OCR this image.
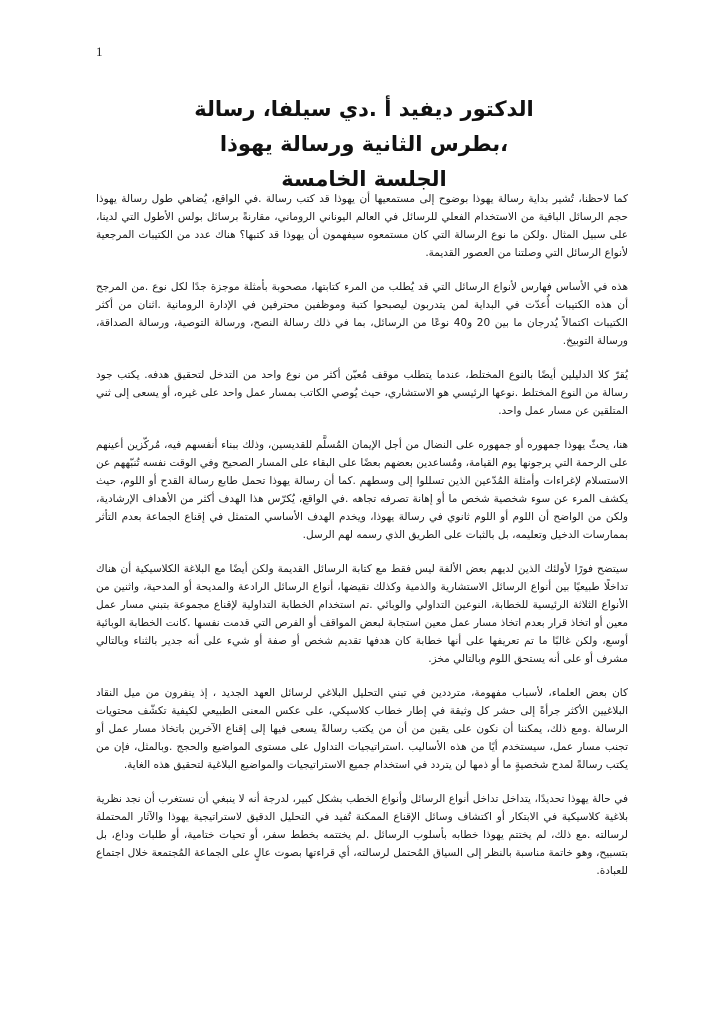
1
الدكتور ديفيد أ .دي سيلفا، رسالة
،بطرس الثانية ورسالة يهوذا
الجلسة الخامسة

كما لاحظنا، تُشير بداية رسالة يهوذا بوضوح إلى مستمعيها أن يهوذا قد كتب رسالة .في الواقع، يُضاهي طول رسالة يهوذا حجم الرسائل الباقية من الاستخدام الفعلي للرسائل في العالم اليوناني الروماني، مقارنةً برسائل بولس الأطول التي لدينا، على سبيل المثال .ولكن ما نوع الرسالة التي كان مستمعوه سيفهمون أن يهوذا قد كتبها؟ هناك عدد من الكتيبات المرجعية لأنواع الرسائل التي وصلتنا من العصور القديمة.

هذه في الأساس فهارس لأنواع الرسائل التي قد يُطلب من المرء كتابتها، مصحوبة بأمثلة موجزة جدًا لكل نوع .من المرجح أن هذه الكتيبات أُعدّت في البداية لمن يتدربون ليصبحوا كتبة وموظفين محترفين في الإدارة الرومانية .اثنان من أكثر الكتيبات اكتمالاً يُدرجان ما بين 20 و40 نوعًا من الرسائل، بما في ذلك رسالة النصح، ورسالة التوصية، ورسالة الصداقة، ورسالة التوبيخ.

يُقرّ كلا الدليلين أيضًا بالنوع المختلط، عندما يتطلب موقف مُعيّن أكثر من نوع واحد من التدخل لتحقيق هدفه. يكتب جود رسالة من النوع المختلط .نوعها الرئيسي هو الاستشاري، حيث يُوصي الكاتب بمسار عمل واحد على غيره، أو يسعى إلى ثني المتلقين عن مسار عمل واحد.

هنا، يحثّ يهوذا جمهوره أو جمهوره على النضال من أجل الإيمان المُسلَّم للقديسين، وذلك ببناء أنفسهم فيه، مُركّزين أعينهم على الرحمة التي يرجونها يوم القيامة، ومُساعدين بعضهم بعضًا على البقاء على المسار الصحيح وفي الوقت نفسه تُنبّههم عن الاستسلام لإغراءات وأمثلة المُدّعين الذين تسللوا إلى وسطهم .كما أن رسالة يهوذا تحمل طابع رسالة القدح أو اللوم، حيث يكشف المرء عن سوء شخصية شخص ما أو إهانة تصرفه تجاهه .في الواقع، يُكرّس هذا الهدف أكثر من الأهداف الإرشادية، ولكن من الواضح أن اللوم أو اللوم ثانوي في رسالة يهوذا، ويخدم الهدف الأساسي المتمثل في إقناع الجماعة بعدم التأثر بممارسات الدخيل وتعليمه، بل بالثبات على الطريق الذي رسمه لهم الرسل.

سيتضح فورًا لأولئك الذين لديهم بعض الألفة ليس فقط مع كتابة الرسائل القديمة ولكن أيضًا مع البلاغة الكلاسيكية أن هناك تداخلًا طبيعيًا بين أنواع الرسائل الاستشارية والذمية وكذلك نقيضها، أنواع الرسائل الرادعة والمديحة أو المدحية، واثنين من الأنواع الثلاثة الرئيسية للخطابة، النوعين التداولي والوبائي .تم استخدام الخطابة التداولية لإقناع مجموعة بتبني مسار عمل معين أو اتخاذ قرار بعدم اتخاذ مسار عمل معين استجابة لبعض المواقف أو الفرص التي قدمت نفسها .كانت الخطابة الوبائية أوسع، ولكن غالبًا ما تم تعريفها على أنها خطابة كان هدفها تقديم شخص أو صفة أو شيء على أنه جدير بالثناء وبالتالي مشرف أو على أنه يستحق اللوم وبالتالي مخز.

كان بعض العلماء، لأسباب مفهومة، مترددين في تبني التحليل البلاغي لرسائل العهد الجديد ، إذ ينفرون من ميل النقاد البلاغيين الأكثر جرأةً إلى حشر كل وثيقة في إطار خطاب كلاسيكي، على عكس المعنى الطبيعي لكيفية تكشّف محتويات الرسالة .ومع ذلك، يمكننا أن نكون على يقين من أن من يكتب رسالةً يسعى فيها إلى إقناع الآخرين باتخاذ مسار عمل أو تجنب مسار عمل، سيستخدم أيًا من هذه الأساليب .استراتيجيات التداول على مستوى المواضيع والحجج .وبالمثل، فإن من يكتب رسالةً لمدح شخصيةٍ ما أو ذمها لن يتردد في استخدام جميع الاستراتيجيات والمواضيع البلاغية لتحقيق هذه الغاية.

في حالة يهوذا تحديدًا، يتداخل تداخل أنواع الرسائل وأنواع الخطب بشكل كبير، لدرجة أنه لا ينبغي أن نستغرب أن نجد نظرية بلاغية كلاسيكية في الابتكار أو اكتشاف وسائل الإقناع الممكنة تُفيد في التحليل الدقيق لاستراتيجية يهوذا والآثار المحتملة لرسالته .مع ذلك، لم يختتم يهوذا خطابه بأسلوب الرسائل .لم يختتمه بخطط سفر، أو تحيات ختامية، أو طلبات وداع، بل بتسبيح، وهو خاتمة مناسبة بالنظر إلى السياق المُحتمل لرسالته، أي قراءتها بصوت عالٍ على الجماعة المُجتمعة خلال اجتماع للعبادة.
